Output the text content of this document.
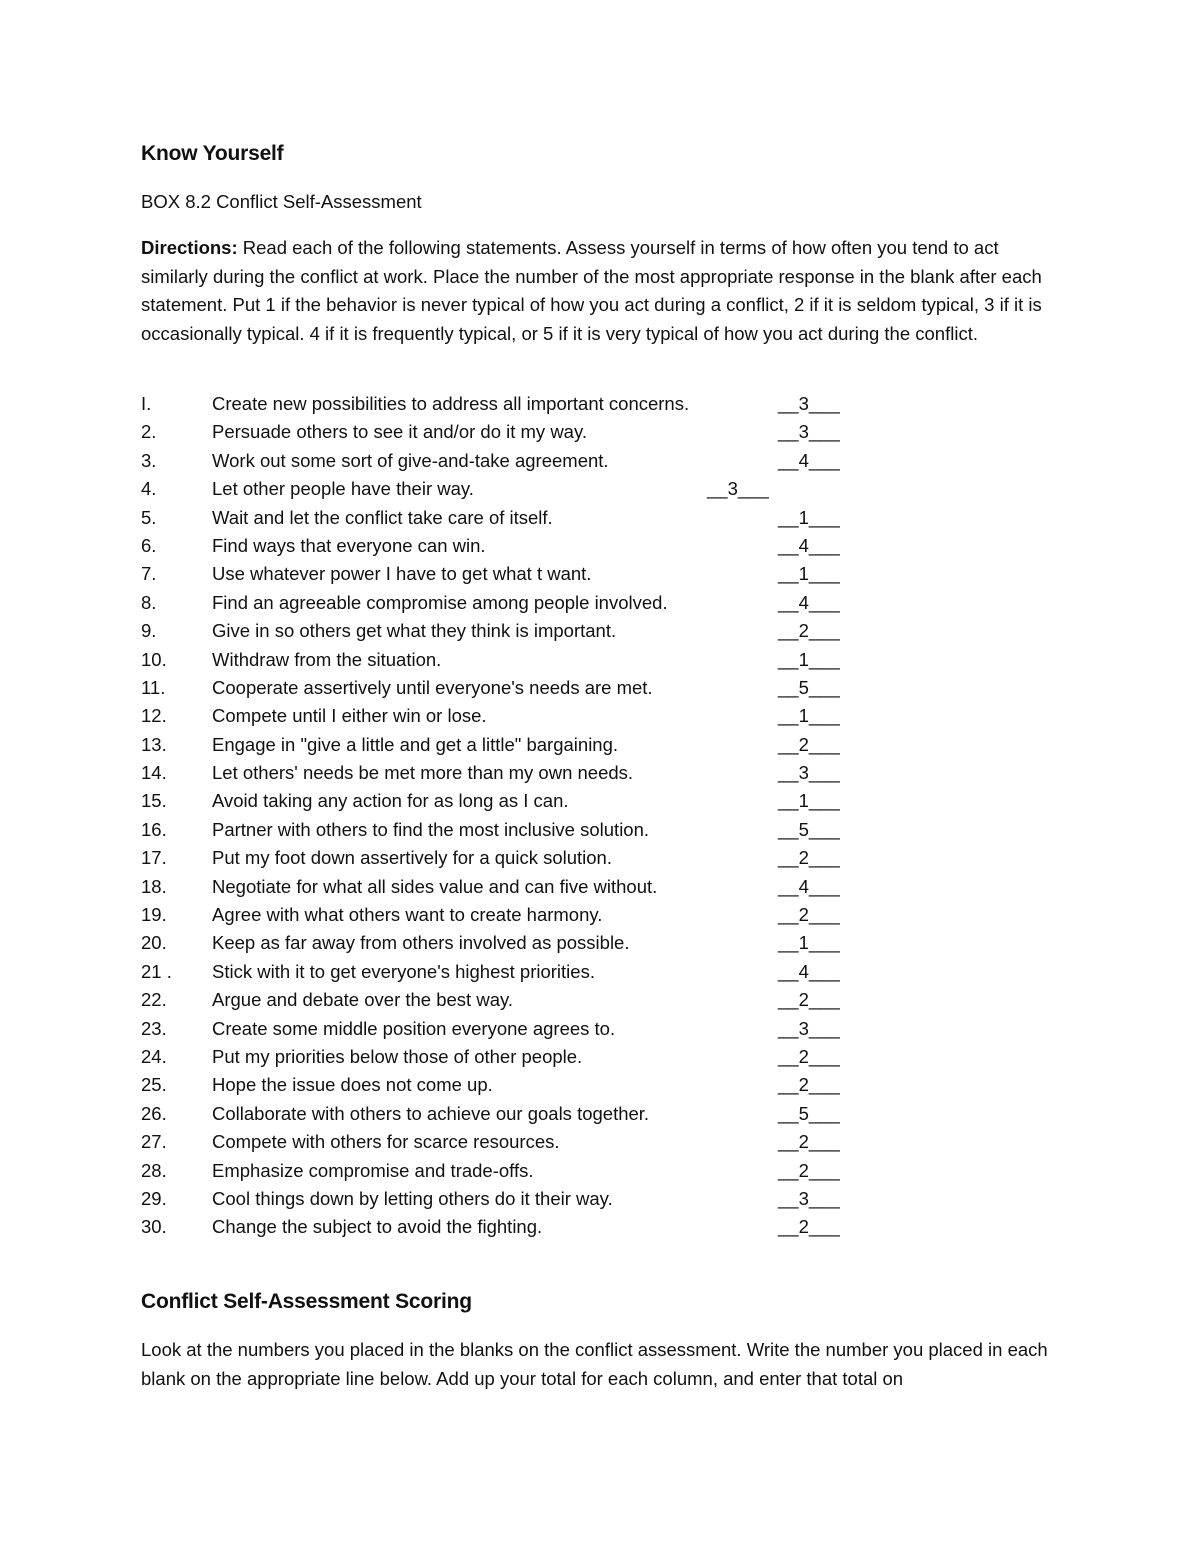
Know Yourself
BOX 8.2 Conflict Self-Assessment
Directions: Read each of the following statements. Assess yourself in terms of how often you tend to act similarly during the conflict at work. Place the number of the most appropriate response in the blank after each statement. Put 1 if the behavior is never typical of how you act during a conflict, 2 if it is seldom typical, 3 if it is occasionally typical. 4 if it is frequently typical, or 5 if it is very typical of how you act during the conflict.
I.	Create new possibilities to address all important concerns.	__3___
2.	Persuade others to see it and/or do it my way.	__3___
3.	Work out some sort of give-and-take agreement.	__4___
4.	Let other people have their way.	__3___
5.	Wait and let the conflict take care of itself.	__1___
6.	Find ways that everyone can win.	__4___
7.	Use whatever power I have to get what t want.	__1___
8.	Find an agreeable compromise among people involved.	__4___
9.	Give in so others get what they think is important.	__2___
10. Withdraw from the situation.	__1___
11.	Cooperate assertively until everyone's needs are met.	__5___
12. Compete until I either win or lose.	__1___
13. Engage in "give a little and get a little" bargaining.	__2___
14. Let others' needs be met more than my own needs.	__3___
15. Avoid taking any action for as long as I can.	__1___
16. Partner with others to find the most inclusive solution.	__5___
17. Put my foot down assertively for a quick solution.	__2___
18. Negotiate for what all sides value and can five without.	__4___
19. Agree with what others want to create harmony.	__2___
20. Keep as far away from others involved as possible.	__1___
21 . Stick with it to get everyone's highest priorities.	__4___
22. Argue and debate over the best way.	__2___
23. Create some middle position everyone agrees to.	__3___
24. Put my priorities below those of other people.	__2___
25. Hope the issue does not come up.	__2___
26. Collaborate with others to achieve our goals together.	__5___
27. Compete with others for scarce resources.	__2___
28. Emphasize compromise and trade-offs.	__2___
29. Cool things down by letting others do it their way.	__3___
30. Change the subject to avoid the fighting.	__2___
Conflict Self-Assessment Scoring
Look at the numbers you placed in the blanks on the conflict assessment. Write the number you placed in each blank on the appropriate line below. Add up your total for each column, and enter that total on
